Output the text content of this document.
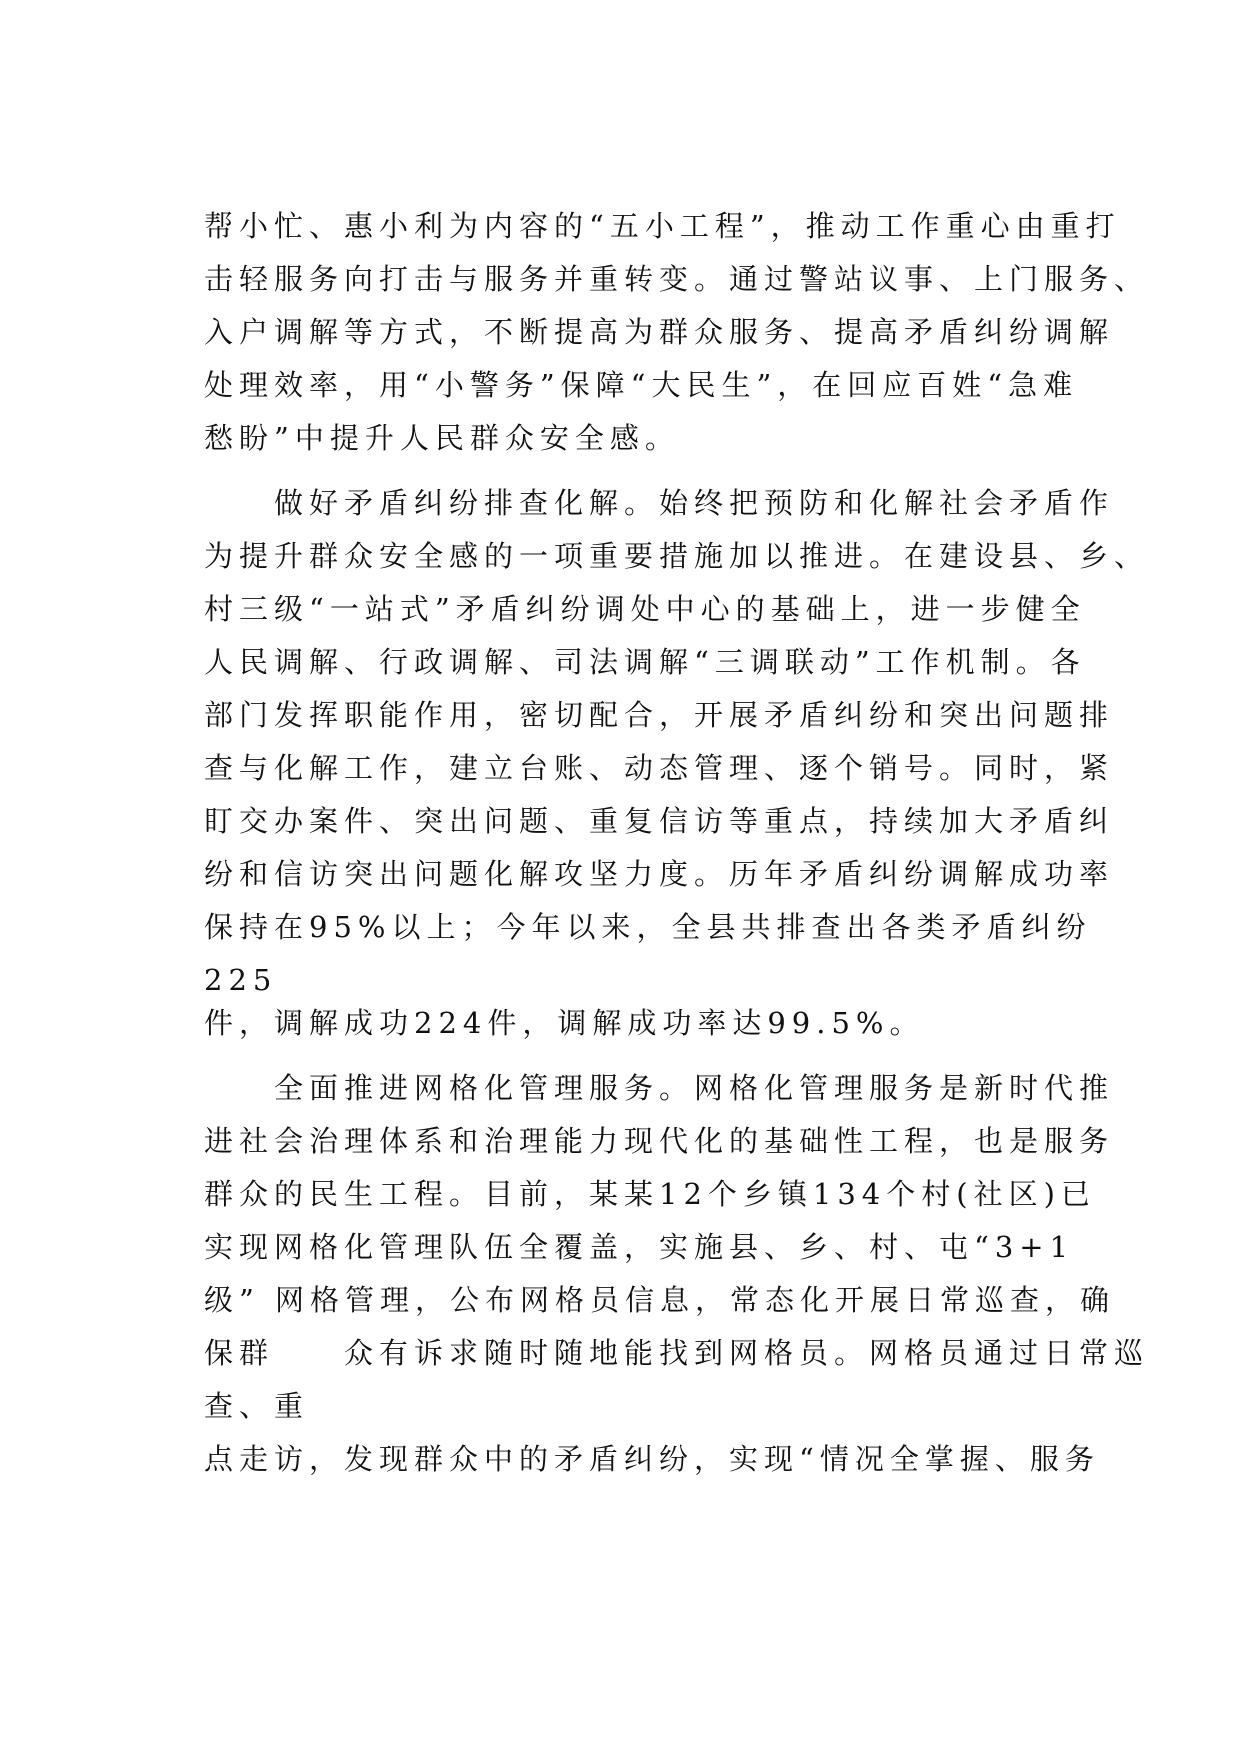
帮小忙、惠小利为内容的“五小工程”，推动工作重心由重打

击轻服务向打击与服务并重转变。通过警站议事、上门服务、

入户调解等方式，不断提高为群众服务、提高矛盾纠纷调解

处理效率，用“小警务”保障“大民生”，在回应百姓“急难

愁盼”中提升人民群众安全感。

做好矛盾纠纷排查化解。始终把预防和化解社会矛盾作

为提升群众安全感的一项重要措施加以推进。在建设县、乡、

村三级“一站式”矛盾纠纷调处中心的基础上，进一步健全

人民调解、行政调解、司法调解“三调联动”工作机制。各

部门发挥职能作用，密切配合，开展矛盾纠纷和突出问题排

查与化解工作，建立台账、动态管理、逐个销号。同时，紧

盯交办案件、突出问题、重复信访等重点，持续加大矛盾纠

纷和信访突出问题化解攻坚力度。历年矛盾纠纷调解成功率

保持在95%以上；今年以来，全县共排查出各类矛盾纠纷

225

件，调解成功224件，调解成功率达99.5%。

全面推进网格化管理服务。网格化管理服务是新时代推

进社会治理体系和治理能力现代化的基础性工程，也是服务

群众的民生工程。目前，某某12个乡镇134个村(社区)已

实现网格化管理队伍全覆盖，实施县、乡、村、屯“3+1

级” 网格管理，公布网格员信息，常态化开展日常巡查，确

保群　　众有诉求随时随地能找到网格员。网格员通过日常巡

查、重

点走访，发现群众中的矛盾纠纷，实现“情况全掌握、服务
